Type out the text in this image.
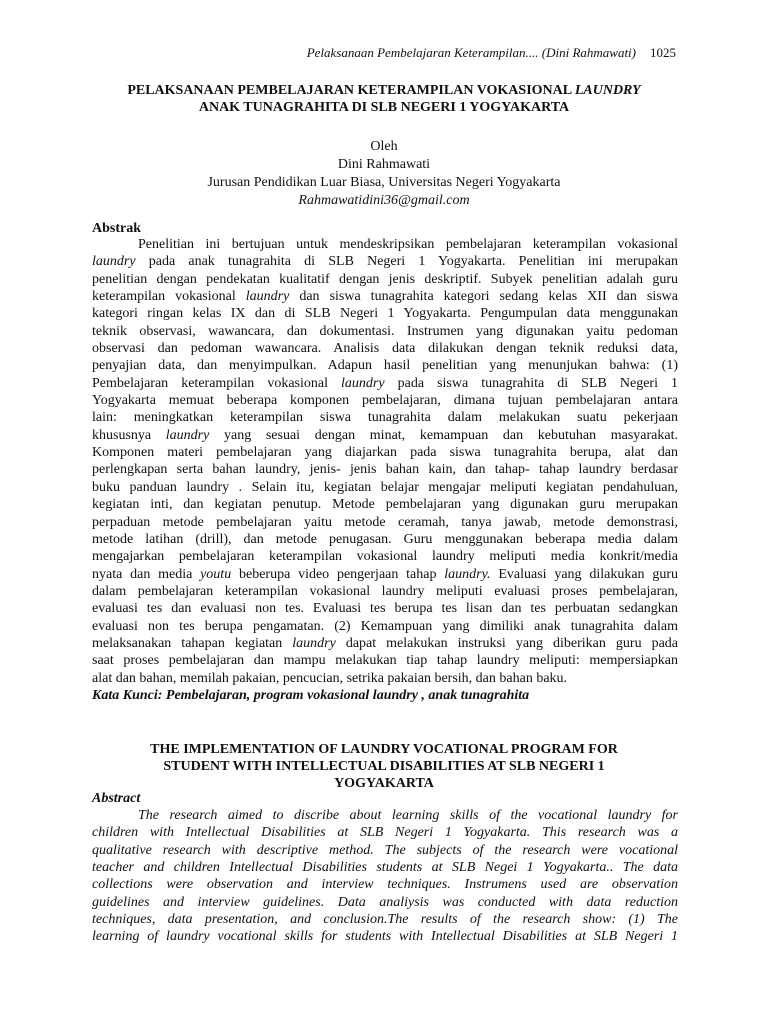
Pelaksanaan Pembelajaran Keterampilan.... (Dini Rahmawati) 1025
PELAKSANAAN PEMBELAJARAN KETERAMPILAN VOKASIONAL LAUNDRY
ANAK TUNAGRAHITA DI SLB NEGERI 1 YOGYAKARTA
Oleh
Dini Rahmawati
Jurusan Pendidikan Luar Biasa, Universitas Negeri Yogyakarta
Rahmawatidini36@gmail.com
Abstrak
Penelitian ini bertujuan untuk mendeskripsikan pembelajaran keterampilan vokasional
laundry pada anak tunagrahita di SLB Negeri 1 Yogyakarta. Penelitian ini merupakan
penelitian dengan pendekatan kualitatif dengan jenis deskriptif. Subyek penelitian adalah guru
keterampilan vokasional laundry dan siswa tunagrahita kategori sedang kelas XII dan siswa
kategori ringan kelas IX dan di SLB Negeri 1 Yogyakarta. Pengumpulan data menggunakan
teknik observasi, wawancara, dan dokumentasi. Instrumen yang digunakan yaitu pedoman
observasi dan pedoman wawancara. Analisis data dilakukan dengan teknik reduksi data,
penyajian data, dan menyimpulkan. Adapun hasil penelitian yang menunjukan bahwa: (1)
Pembelajaran keterampilan vokasional laundry pada siswa tunagrahita di SLB Negeri 1
Yogyakarta memuat beberapa komponen pembelajaran, dimana tujuan pembelajaran antara
lain: meningkatkan keterampilan siswa tunagrahita dalam melakukan suatu pekerjaan
khususnya laundry yang sesuai dengan minat, kemampuan dan kebutuhan masyarakat.
Komponen materi pembelajaran yang diajarkan pada siswa tunagrahita berupa, alat dan
perlengkapan serta bahan laundry, jenis- jenis bahan kain, dan tahap- tahap laundry berdasar
buku panduan laundry . Selain itu, kegiatan belajar mengajar meliputi kegiatan pendahuluan,
kegiatan inti, dan kegiatan penutup. Metode pembelajaran yang digunakan guru merupakan
perpaduan metode pembelajaran yaitu metode ceramah, tanya jawab, metode demonstrasi,
metode latihan (drill), dan metode penugasan. Guru menggunakan beberapa media dalam
mengajarkan pembelajaran keterampilan vokasional laundry meliputi media konkrit/media
nyata dan media youtu beberupa video pengerjaan tahap laundry. Evaluasi yang dilakukan guru
dalam pembelajaran keterampilan vokasional laundry meliputi evaluasi proses pembelajaran,
evaluasi tes dan evaluasi non tes. Evaluasi tes berupa tes lisan dan tes perbuatan sedangkan
evaluasi non tes berupa pengamatan. (2) Kemampuan yang dimiliki anak tunagrahita dalam
melaksanakan tahapan kegiatan laundry dapat melakukan instruksi yang diberikan guru pada
saat proses pembelajaran dan mampu melakukan tiap tahap laundry meliputi: mempersiapkan
alat dan bahan, memilah pakaian, pencucian, setrika pakaian bersih, dan bahan baku.
Kata Kunci: Pembelajaran, program vokasional laundry , anak tunagrahita
THE IMPLEMENTATION OF LAUNDRY VOCATIONAL PROGRAM FOR
STUDENT WITH INTELLECTUAL DISABILITIES AT SLB NEGERI 1
YOGYAKARTA
Abstract
The research aimed to discribe about learning skills of the vocational laundry for
children with Intellectual Disabilities at SLB Negeri 1 Yogyakarta. This research was a
qualitative research with descriptive method. The subjects of the research were vocational
teacher and children Intellectual Disabilities students at SLB Negei 1 Yogyakarta.. The data
collections were observation and interview techniques. Instrumens used are observation
guidelines and interview guidelines. Data analiysis was conducted with data reduction
techniques, data presentation, and conclusion.The results of the research show: (1) The
learning of laundry vocational skills for students with Intellectual Disabilities at SLB Negeri 1
